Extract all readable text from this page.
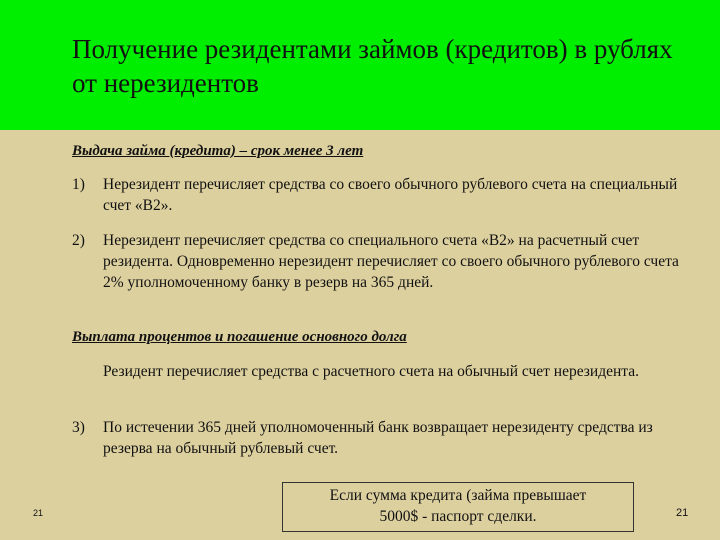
Получение резидентами займов (кредитов) в рублях от нерезидентов
Выдача займа (кредита) – срок менее 3 лет
1)	Нерезидент перечисляет средства со своего обычного рублевого счета на специальный счет «В2».
2)	Нерезидент перечисляет средства со специального счета «В2» на расчетный счет резидента. Одновременно нерезидент перечисляет со своего обычного рублевого счета 2% уполномоченному банку в резерв на 365 дней.
Выплата процентов и погашение основного долга
Резидент перечисляет средства с расчетного счета на обычный счет нерезидента.
3)	По истечении 365 дней уполномоченный банк возвращает нерезиденту средства из резерва на обычный рублевый счет.
Если сумма кредита (займа превышает
5000$ - паспорт сделки.
21	21
